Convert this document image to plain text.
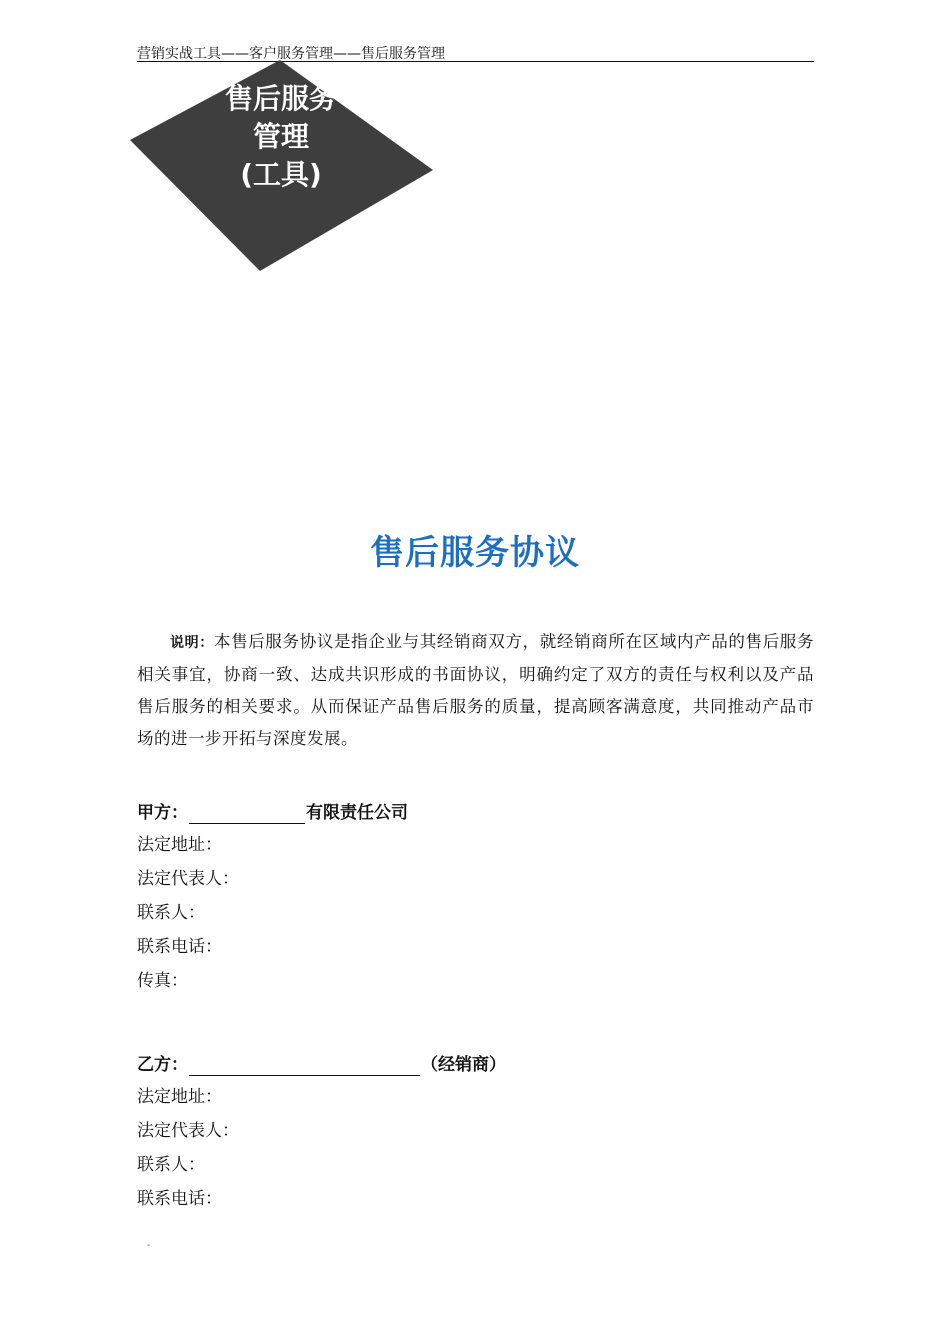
营销实战工具——客户服务管理——售后服务管理
售后服务
管理
(工具)
售后服务协议
说明：本售后服务协议是指企业与其经销商双方，就经销商所在区域内产品的售后服务相关事宜，协商一致、达成共识形成的书面协议，明确约定了双方的责任与权利以及产品售后服务的相关要求。从而保证产品售后服务的质量，提高顾客满意度，共同推动产品市场的进一步开拓与深度发展。
甲方：	有限责任公司
法定地址：
法定代表人：
联系人：
联系电话：
传真：
乙方：	（经销商）
法定地址：
法定代表人：
联系人：
联系电话：
-
